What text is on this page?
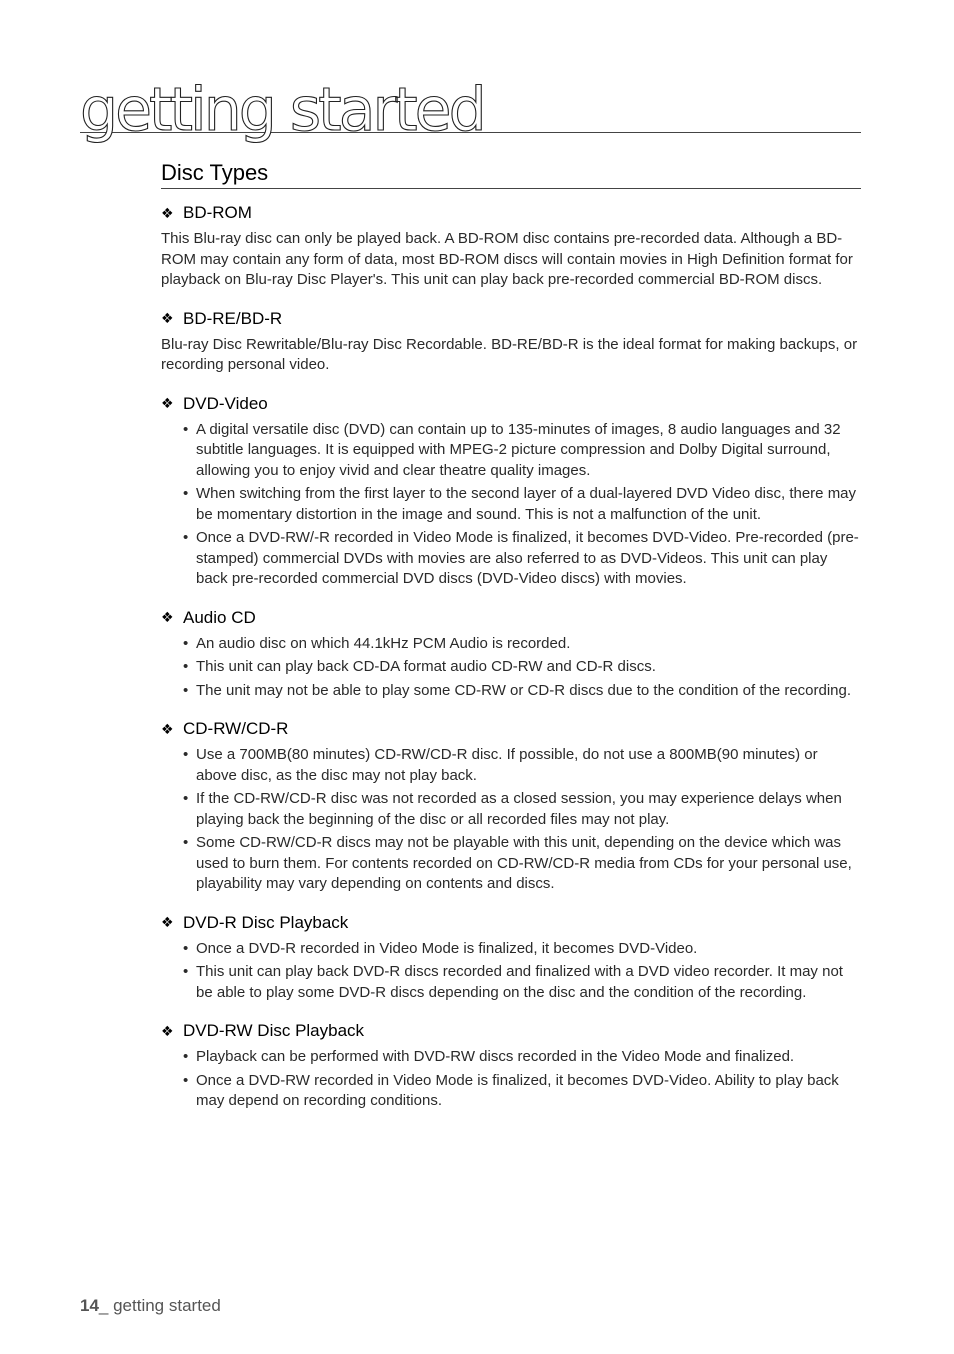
getting started
Disc Types
❖ BD-ROM

This Blu-ray disc can only be played back. A BD-ROM disc contains pre-recorded data. Although a BD-ROM may contain any form of data, most BD-ROM discs will contain movies in High Definition format for playback on Blu-ray Disc Player's. This unit can play back pre-recorded commercial BD-ROM discs.

❖ BD-RE/BD-R

Blu-ray Disc Rewritable/Blu-ray Disc Recordable. BD-RE/BD-R is the ideal format for making backups, or recording personal video.

❖ DVD-Video
• A digital versatile disc (DVD) can contain up to 135-minutes of images, 8 audio languages and 32 subtitle languages. It is equipped with MPEG-2 picture compression and Dolby Digital surround, allowing you to enjoy vivid and clear theatre quality images.
• When switching from the first layer to the second layer of a dual-layered DVD Video disc, there may be momentary distortion in the image and sound. This is not a malfunction of the unit.
• Once a DVD-RW/-R recorded in Video Mode is finalized, it becomes DVD-Video. Pre-recorded (pre-stamped) commercial DVDs with movies are also referred to as DVD-Videos. This unit can play back pre-recorded commercial DVD discs (DVD-Video discs) with movies.
❖ Audio CD
• An audio disc on which 44.1kHz PCM Audio is recorded.
• This unit can play back CD-DA format audio CD-RW and CD-R discs.
• The unit may not be able to play some CD-RW or CD-R discs due to the condition of the recording.
❖ CD-RW/CD-R
• Use a 700MB(80 minutes) CD-RW/CD-R disc. If possible, do not use a 800MB(90 minutes) or above disc, as the disc may not play back.
• If the CD-RW/CD-R disc was not recorded as a closed session, you may experience delays when playing back the beginning of the disc or all recorded files may not play.
• Some CD-RW/CD-R discs may not be playable with this unit, depending on the device which was used to burn them. For contents recorded on CD-RW/CD-R media from CDs for your personal use, playability may vary depending on contents and discs.
❖ DVD-R Disc Playback
• Once a DVD-R recorded in Video Mode is finalized, it becomes DVD-Video.
• This unit can play back DVD-R discs recorded and finalized with a DVD video recorder. It may not be able to play some DVD-R discs depending on the disc and the condition of the recording.
❖ DVD-RW Disc Playback
• Playback can be performed with DVD-RW discs recorded in the Video Mode and finalized.
• Once a DVD-RW recorded in Video Mode is finalized, it becomes DVD-Video. Ability to play back may depend on recording conditions.
14_ getting started
